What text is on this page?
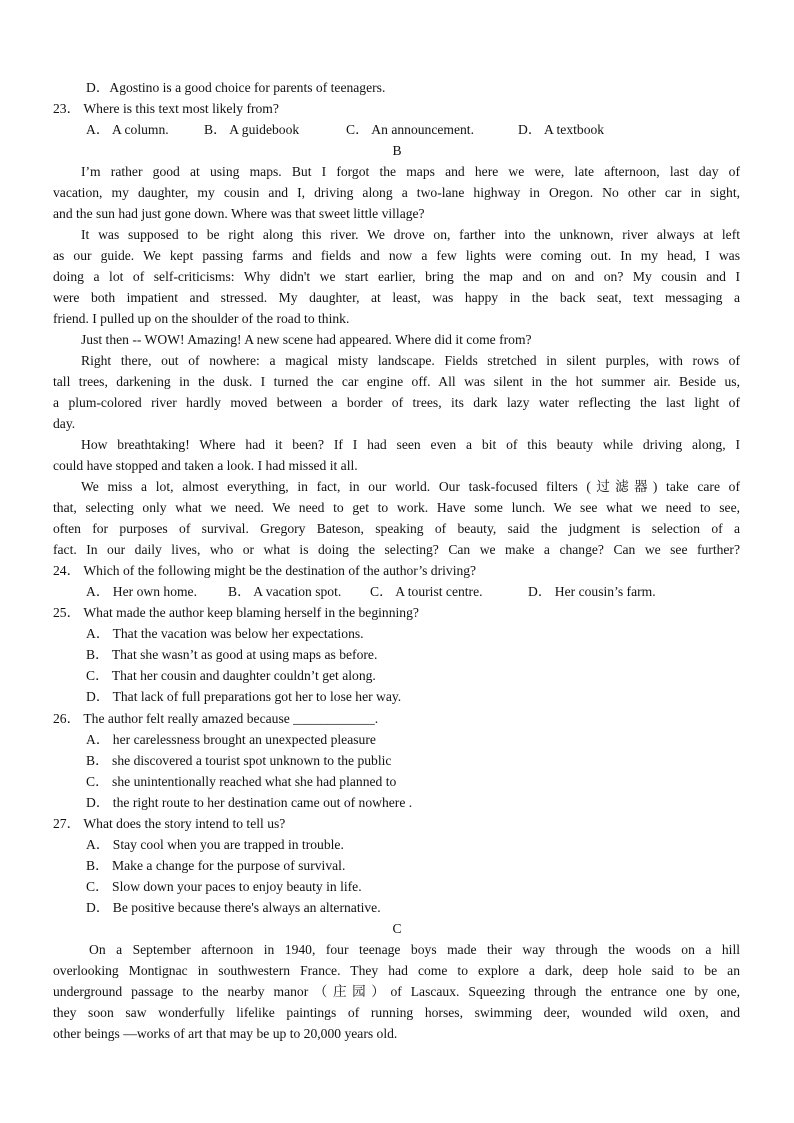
D．Agostino is a good choice for parents of teenagers.
23． Where is this text most likely from?
A． A column.	B． A guidebook	C． An announcement.	D． A textbook
B
I’m rather good at using maps. But I forgot the maps and here we were, late afternoon, last day of
vacation, my daughter, my cousin and I, driving along a two-lane highway in Oregon. No other car in sight,
and the sun had just gone down. Where was that sweet little village?
It was supposed to be right along this river. We drove on, farther into the unknown, river always at left
as our guide. We kept passing farms and fields and now a few lights were coming out. In my head, I was
doing a lot of self-criticisms: Why didn't we start earlier, bring the map and on and on? My cousin and I
were both impatient and stressed. My daughter, at least, was happy in the back seat, text messaging a
friend. I pulled up on the shoulder of the road to think.
Just then -- WOW! Amazing! A new scene had appeared. Where did it come from?
Right there, out of nowhere: a magical misty landscape. Fields stretched in silent purples, with rows of
tall trees, darkening in the dusk. I turned the car engine off. All was silent in the hot summer air. Beside us,
a plum-colored river hardly moved between a border of trees, its dark lazy water reflecting the last light of
day.
How breathtaking! Where had it been? If I had seen even a bit of this beauty while driving along, I
could have stopped and taken a look. I had missed it all.
We miss a lot, almost everything, in fact, in our world. Our task-focused filters (过滤器) take care of
that, selecting only what we need. We need to get to work. Have some lunch. We see what we need to see,
often for purposes of survival. Gregory Bateson, speaking of beauty, said the judgment is selection of a
fact. In our daily lives, who or what is doing the selecting? Can we make a change? Can we see further?
24． Which of the following might be the destination of the author’s driving?
A． Her own home. B． A vacation spot. C． A tourist centre.	D． Her cousin’s farm.
25． What made the author keep blaming herself in the beginning?
A． That the vacation was below her expectations.
B． That she wasn’t as good at using maps as before.
C． That her cousin and daughter couldn’t get along.
D． That lack of full preparations got her to lose her way.
26． The author felt really amazed because ____________.
A． her carelessness brought an unexpected pleasure
B． she discovered a tourist spot unknown to the public
C． she unintentionally reached what she had planned to
D． the right route to her destination came out of nowhere .
27． What does the story intend to tell us?
A． Stay cool when you are trapped in trouble.
B． Make a change for the purpose of survival.
C． Slow down your paces to enjoy beauty in life.
D． Be positive because there's always an alternative.
C
On a September afternoon in 1940, four teenage boys made their way through the woods on a hill
overlooking Montignac in southwestern France. They had come to explore a dark, deep hole said to be an
underground passage to the nearby manor（庄园）of Lascaux. Squeezing through the entrance one by one,
they soon saw wonderfully lifelike paintings of running horses, swimming deer, wounded wild oxen, and
other beings —works of art that may be up to 20,000 years old.
